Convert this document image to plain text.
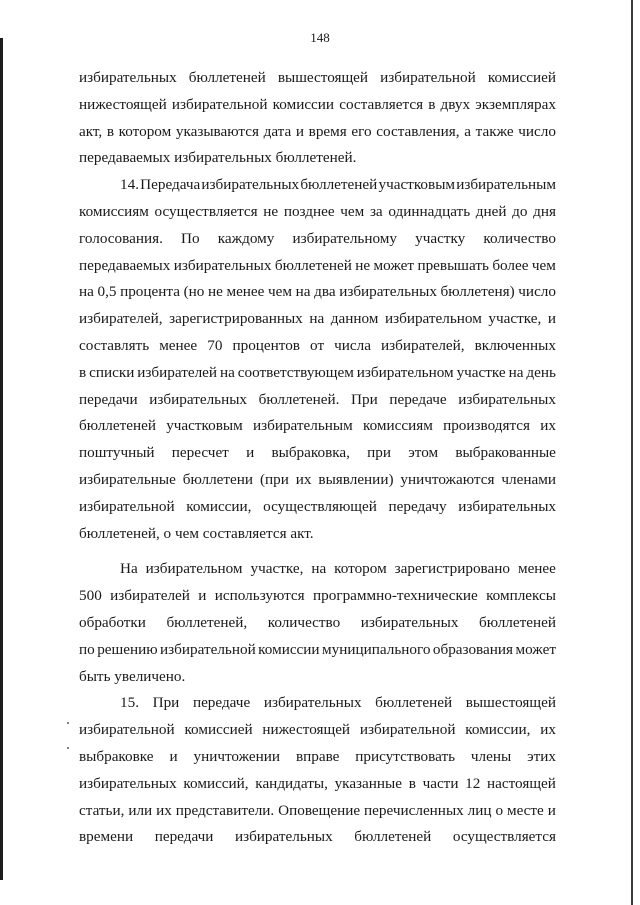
148
избирательных бюллетеней вышестоящей избирательной комиссией
нижестоящей избирательной комиссии составляется в двух экземплярах
акт, в котором указываются дата и время его составления, а также число
передаваемых избирательных бюллетеней.
14. Передача избирательных бюллетеней участковым избирательным
комиссиям осуществляется не позднее чем за одиннадцать дней до дня
голосования. По каждому избирательному участку количество
передаваемых избирательных бюллетеней не может превышать более чем
на 0,5 процента (но не менее чем на два избирательных бюллетеня) число
избирателей, зарегистрированных на данном избирательном участке, и
составлять менее 70 процентов от числа избирателей, включенных
в списки избирателей на соответствующем избирательном участке на день
передачи избирательных бюллетеней. При передаче избирательных
бюллетеней участковым избирательным комиссиям производятся их
поштучный пересчет и выбраковка, при этом выбракованные
избирательные бюллетени (при их выявлении) уничтожаются членами
избирательной комиссии, осуществляющей передачу избирательных
бюллетеней, о чем составляется акт.
На избирательном участке, на котором зарегистрировано менее
500 избирателей и используются программно-технические комплексы
обработки бюллетеней, количество избирательных бюллетеней
по решению избирательной комиссии муниципального образования может
быть увеличено.
15. При передаче избирательных бюллетеней вышестоящей
избирательной комиссией нижестоящей избирательной комиссии, их
выбраковке и уничтожении вправе присутствовать члены этих
избирательных комиссий, кандидаты, указанные в части 12 настоящей
статьи, или их представители. Оповещение перечисленных лиц о месте и
времени передачи избирательных бюллетеней осуществляется
